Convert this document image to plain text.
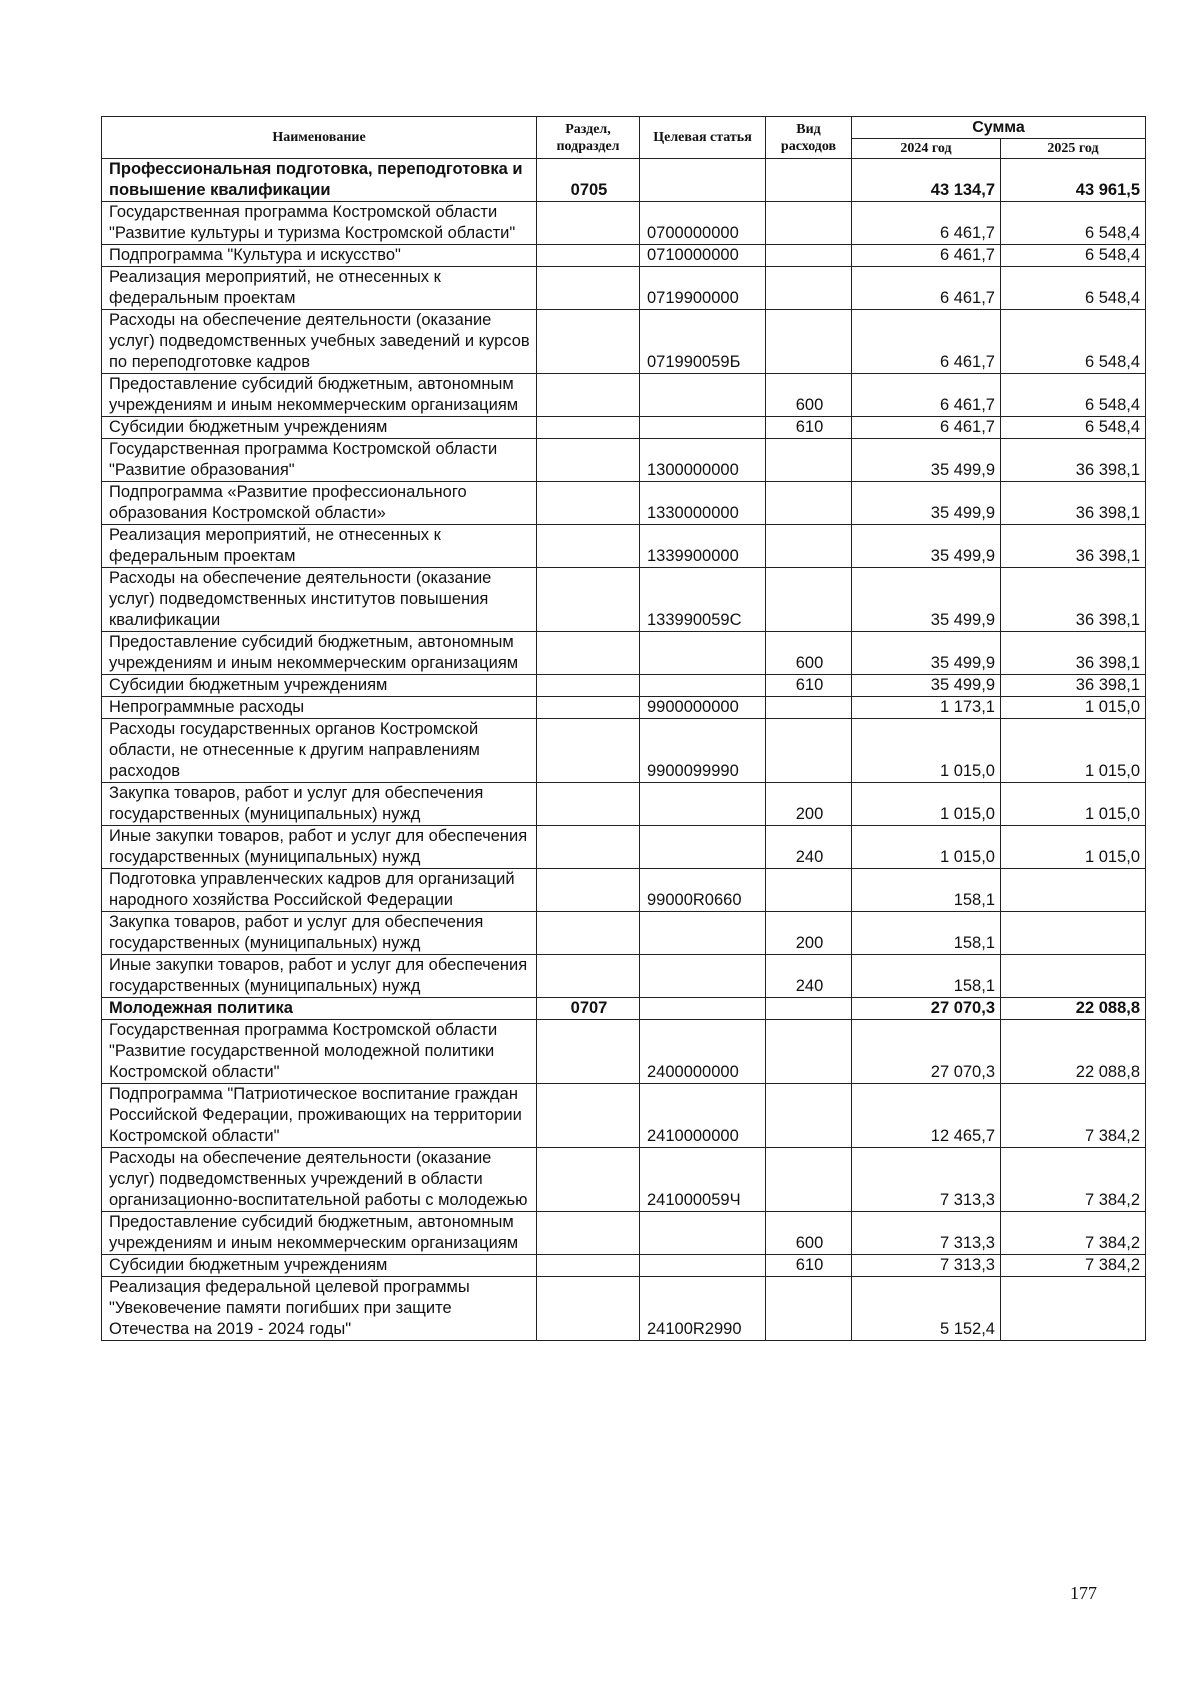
Наименование	Раздел, подраздел	Целевая статья	Вид расходов	Сумма	
				2024 год	2025 год
Профессиональная подготовка, переподготовка и повышение квалификации	0705			43 134,7	43 961,5
Государственная программа Костромской области "Развитие культуры и туризма Костромской области"		0700000000		6 461,7	6 548,4
Подпрограмма "Культура и искусство"		0710000000		6 461,7	6 548,4
Реализация мероприятий, не отнесенных к федеральным проектам		0719900000		6 461,7	6 548,4
Расходы на обеспечение деятельности (оказание услуг) подведомственных учебных заведений и курсов по переподготовке кадров		071990059Б		6 461,7	6 548,4
Предоставление субсидий бюджетным, автономным учреждениям и иным некоммерческим организациям			600	6 461,7	6 548,4
Субсидии бюджетным учреждениям			610	6 461,7	6 548,4
Государственная программа Костромской области "Развитие образования"		1300000000		35 499,9	36 398,1
Подпрограмма «Развитие профессионального образования Костромской области»		1330000000		35 499,9	36 398,1
Реализация мероприятий, не отнесенных к федеральным проектам		1339900000		35 499,9	36 398,1
Расходы на обеспечение деятельности (оказание услуг) подведомственных институтов повышения квалификации		133990059С		35 499,9	36 398,1
Предоставление субсидий бюджетным, автономным учреждениям и иным некоммерческим организациям			600	35 499,9	36 398,1
Субсидии бюджетным учреждениям			610	35 499,9	36 398,1
Непрограммные расходы		9900000000		1 173,1	1 015,0
Расходы государственных органов Костромской области, не отнесенные к другим направлениям расходов		9900099990		1 015,0	1 015,0
Закупка товаров, работ и услуг для обеспечения государственных (муниципальных) нужд			200	1 015,0	1 015,0
Иные закупки товаров, работ и услуг для обеспечения государственных (муниципальных) нужд			240	1 015,0	1 015,0
Подготовка управленческих кадров для организаций народного хозяйства Российской Федерации		99000R0660		158,1	
Закупка товаров, работ и услуг для обеспечения государственных (муниципальных) нужд			200	158,1	
Иные закупки товаров, работ и услуг для обеспечения государственных (муниципальных) нужд			240	158,1	
Молодежная политика	0707			27 070,3	22 088,8
Государственная программа Костромской области "Развитие государственной молодежной политики Костромской области"		2400000000		27 070,3	22 088,8
Подпрограмма "Патриотическое воспитание граждан Российской Федерации, проживающих на территории Костромской области"		2410000000		12 465,7	7 384,2
Расходы на обеспечение деятельности (оказание услуг) подведомственных учреждений в области организационно-воспитательной работы с молодежью		241000059Ч		7 313,3	7 384,2
Предоставление субсидий бюджетным, автономным учреждениям и иным некоммерческим организациям			600	7 313,3	7 384,2
Субсидии бюджетным учреждениям			610	7 313,3	7 384,2
Реализация федеральной целевой программы "Увековечение памяти погибших при защите Отечества на 2019 - 2024 годы"		24100R2990		5 152,4	
177
